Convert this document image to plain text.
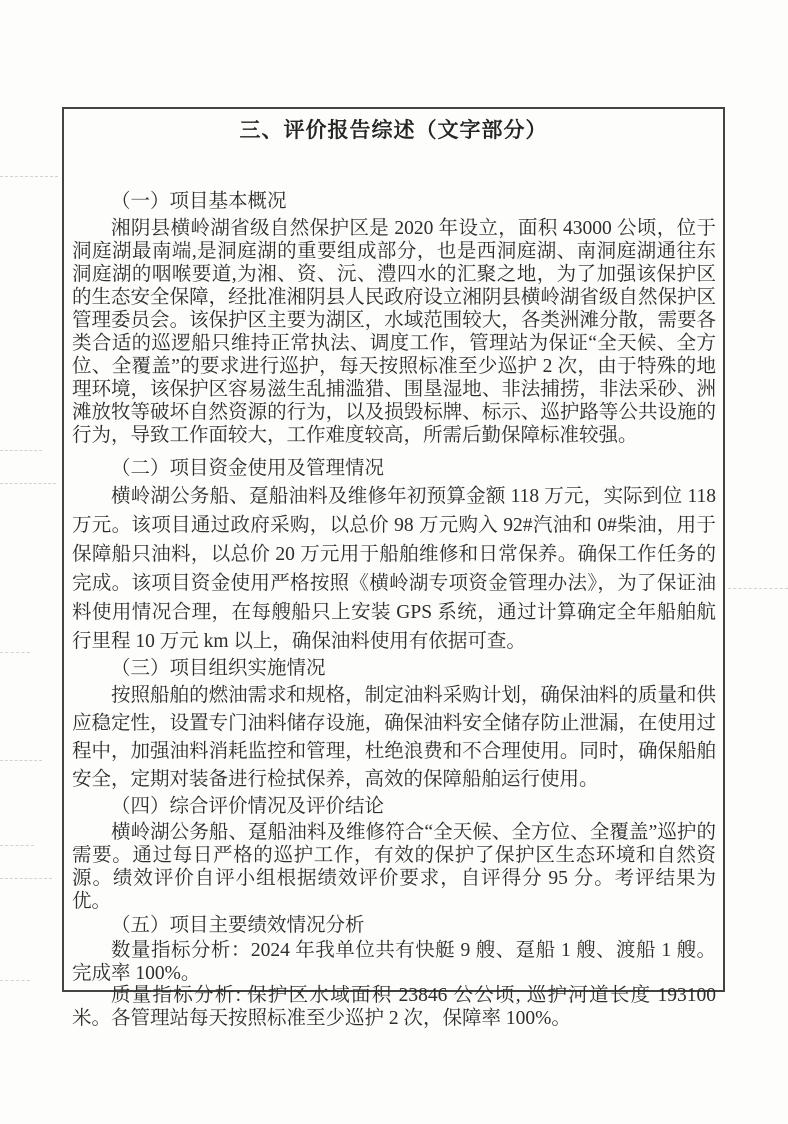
三、评价报告综述（文字部分）
（一）项目基本概况

湘阴县横岭湖省级自然保护区是 2020 年设立，面积 43000 公顷，位于洞庭湖最南端,是洞庭湖的重要组成部分，也是西洞庭湖、南洞庭湖通往东洞庭湖的咽喉要道,为湘、资、沅、澧四水的汇聚之地，为了加强该保护区的生态安全保障，经批准湘阴县人民政府设立湘阴县横岭湖省级自然保护区管理委员会。该保护区主要为湖区，水域范围较大，各类洲滩分散，需要各类合适的巡逻船只维持正常执法、调度工作，管理站为保证“全天候、全方位、全覆盖”的要求进行巡护，每天按照标准至少巡护 2 次，由于特殊的地理环境，该保护区容易滋生乱捕滥猎、围垦湿地、非法捕捞，非法采砂、洲滩放牧等破坏自然资源的行为，以及损毁标牌、标示、巡护路等公共设施的行为，导致工作面较大，工作难度较高，所需后勤保障标准较强。

（二）项目资金使用及管理情况

横岭湖公务船、趸船油料及维修年初预算金额 118 万元，实际到位 118 万元。该项目通过政府采购，以总价 98 万元购入 92#汽油和 0#柴油，用于保障船只油料，以总价 20 万元用于船舶维修和日常保养。确保工作任务的完成。该项目资金使用严格按照《横岭湖专项资金管理办法》，为了保证油料使用情况合理，在每艘船只上安装 GPS 系统，通过计算确定全年船舶航行里程 10 万元 km 以上，确保油料使用有依据可查。

（三）项目组织实施情况

按照船舶的燃油需求和规格，制定油料采购计划，确保油料的质量和供应稳定性，设置专门油料储存设施，确保油料安全储存防止泄漏，在使用过程中，加强油料消耗监控和管理，杜绝浪费和不合理使用。同时，确保船舶安全，定期对装备进行检拭保养，高效的保障船舶运行使用。

（四）综合评价情况及评价结论

横岭湖公务船、趸船油料及维修符合“全天候、全方位、全覆盖”巡护的需要。通过每日严格的巡护工作，有效的保护了保护区生态环境和自然资源。绩效评价自评小组根据绩效评价要求，自评得分 95 分。考评结果为优。

（五）项目主要绩效情况分析

数量指标分析：2024 年我单位共有快艇 9 艘、趸船 1 艘、渡船 1 艘。完成率 100%。

质量指标分析: 保护区水域面积 23846 公公顷, 巡护河道长度 193100 米。各管理站每天按照标准至少巡护 2 次，保障率 100%。
